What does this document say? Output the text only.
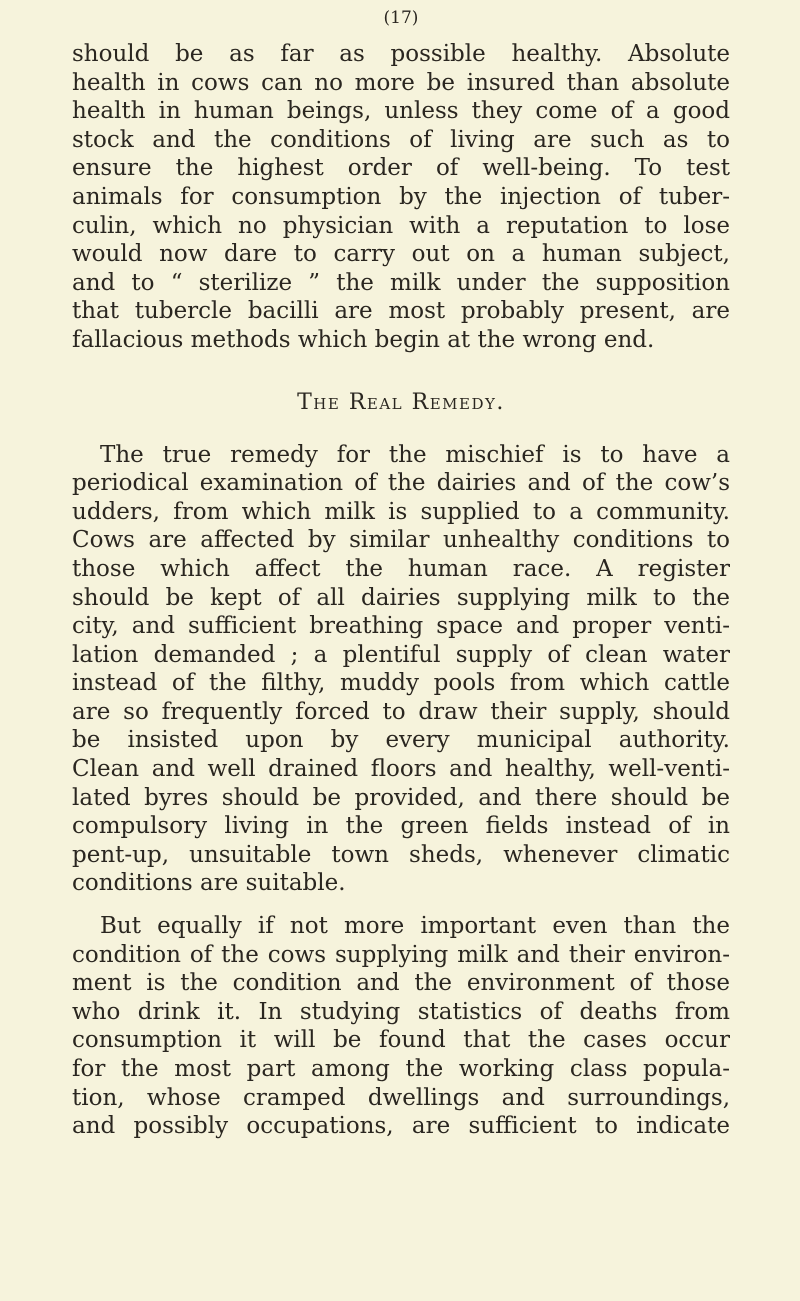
(17)
should be as far as possible healthy. Absolute
health in cows can no more be insured than absolute
health in human beings, unless they come of a good
stock and the conditions of living are such as to
ensure the highest order of well-being. To test
animals for consumption by the injection of tuber-
culin, which no physician with a reputation to lose
would now dare to carry out on a human subject,
and to “ sterilize ” the milk under the supposition
that tubercle bacilli are most probably present, are
fallacious methods which begin at the wrong end.
The Real Remedy.
The true remedy for the mischief is to have a
periodical examination of the dairies and of the cow’s
udders, from which milk is supplied to a community.
Cows are affected by similar unhealthy conditions to
those which affect the human race. A register
should be kept of all dairies supplying milk to the
city, and sufficient breathing space and proper venti-
lation demanded ; a plentiful supply of clean water
instead of the filthy, muddy pools from which cattle
are so frequently forced to draw their supply, should
be insisted upon by every municipal authority.
Clean and well drained floors and healthy, well-venti-
lated byres should be provided, and there should be
compulsory living in the green fields instead of in
pent-up, unsuitable town sheds, whenever climatic
conditions are suitable.
But equally if not more important even than the
condition of the cows supplying milk and their environ-
ment is the condition and the environment of those
who drink it. In studying statistics of deaths from
consumption it will be found that the cases occur
for the most part among the working class popula-
tion, whose cramped dwellings and surroundings,
and possibly occupations, are sufficient to indicate
